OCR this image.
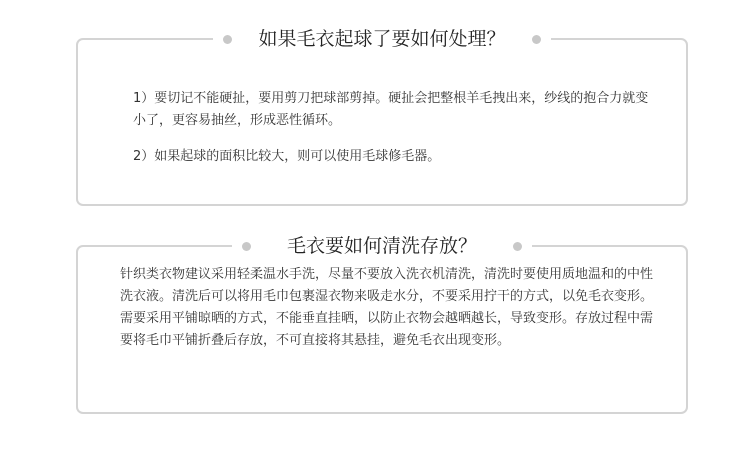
如果毛衣起球了要如何处理？

1）要切记不能硬扯，要用剪刀把球部剪掉。硬扯会把整根羊毛拽出来，纱线的抱合力就变小了，更容易抽丝，形成恶性循环。

2）如果起球的面积比较大，则可以使用毛球修毛器。

毛衣要如何清洗存放？

针织类衣物建议采用轻柔温水手洗，尽量不要放入洗衣机清洗，清洗时要使用质地温和的中性洗衣液。清洗后可以将用毛巾包裹湿衣物来吸走水分，不要采用拧干的方式，以免毛衣变形。需要采用平铺晾晒的方式，不能垂直挂晒，以防止衣物会越晒越长，导致变形。存放过程中需要将毛巾平铺折叠后存放，不可直接将其悬挂，避免毛衣出现变形。
